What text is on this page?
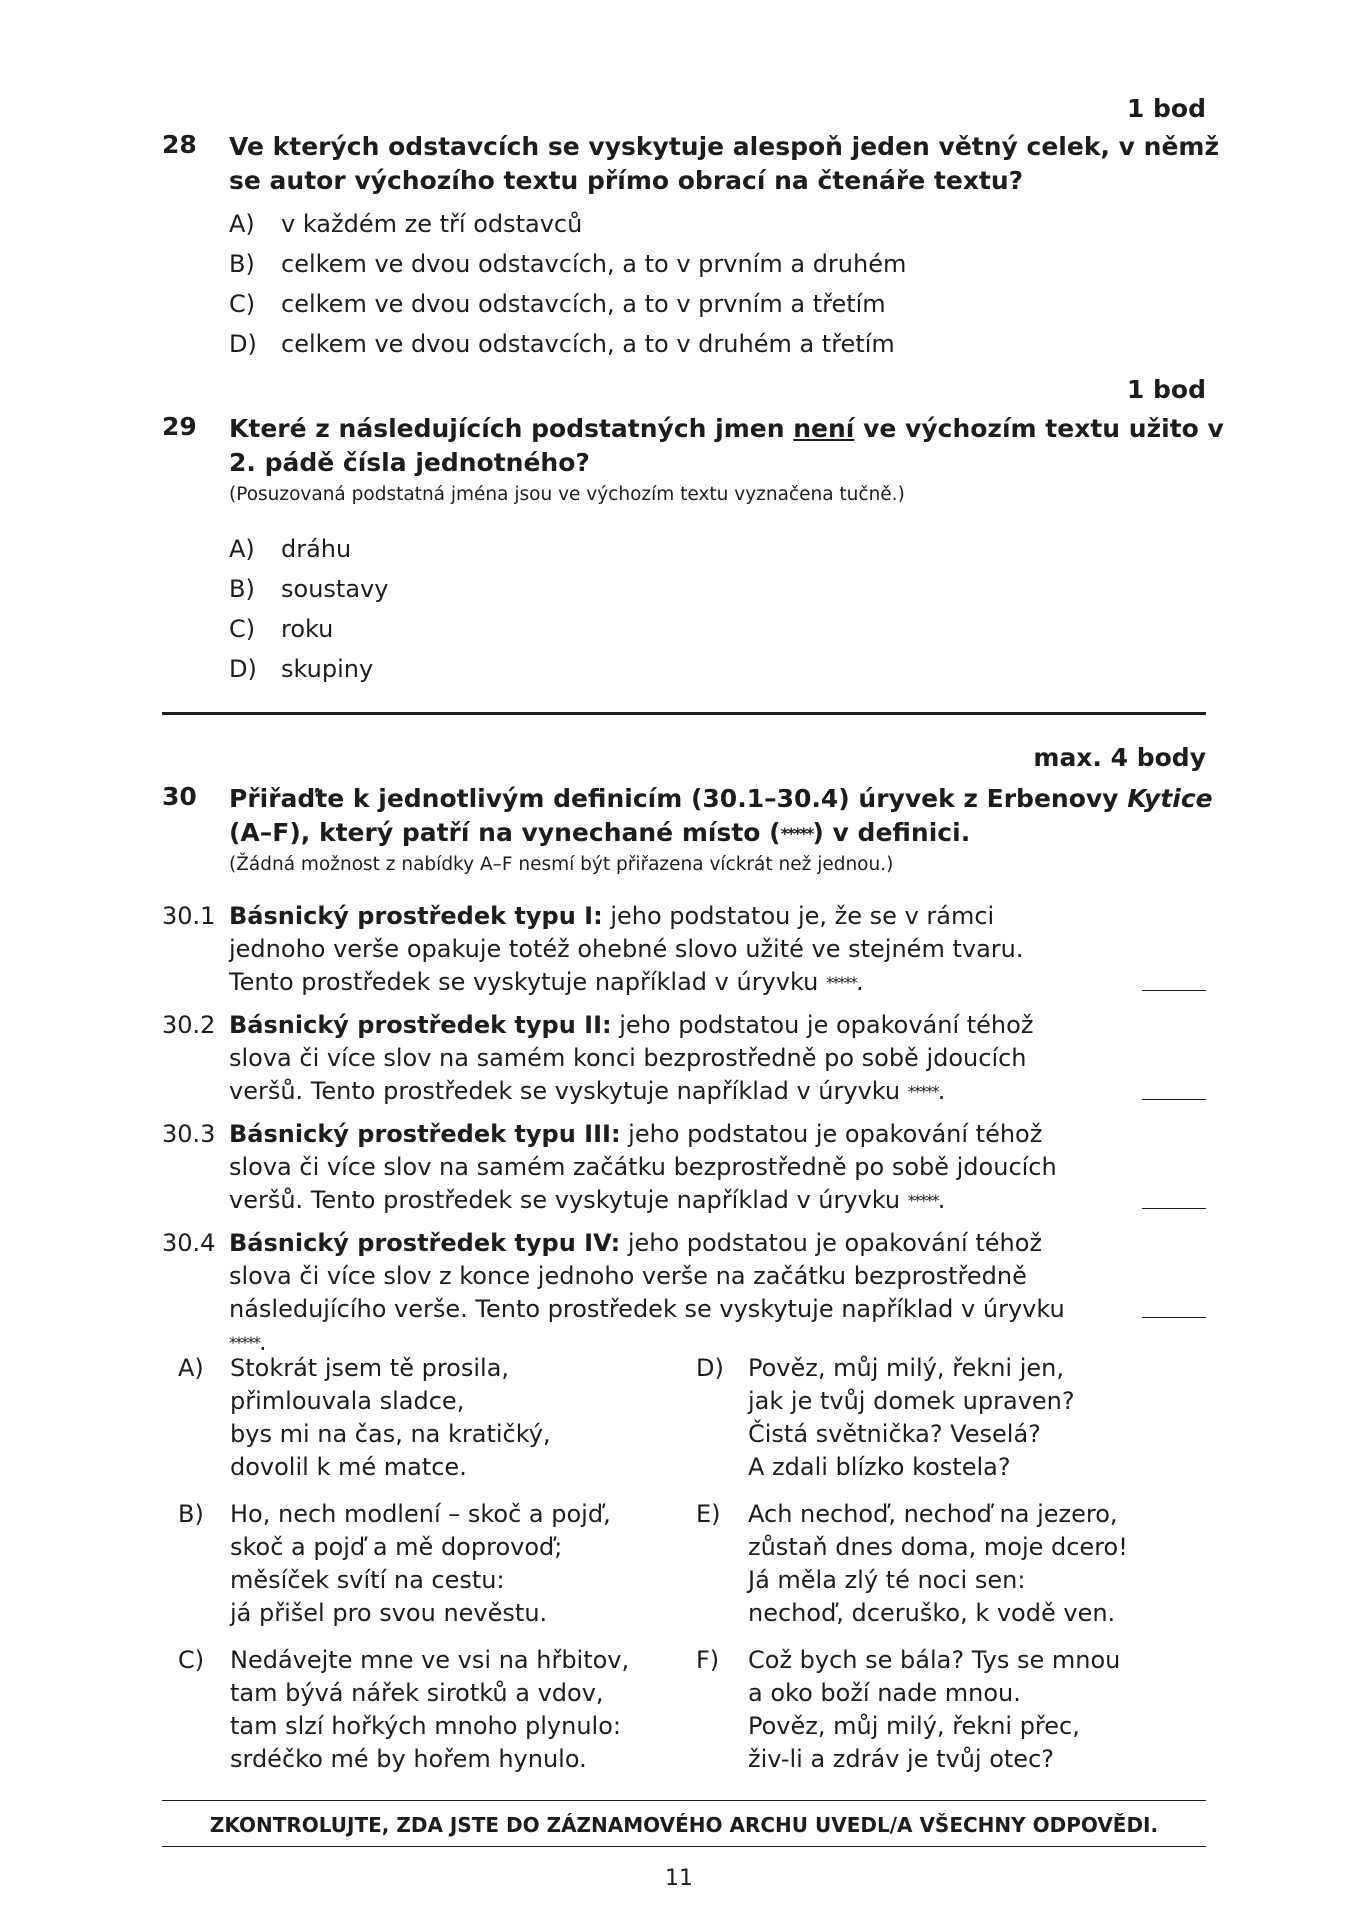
1 bod
28 Ve kterých odstavcích se vyskytuje alespoň jeden větný celek, v němž se autor výchozího textu přímo obrací na čtenáře textu?
A) v každém ze tří odstavců
B) celkem ve dvou odstavcích, a to v prvním a druhém
C) celkem ve dvou odstavcích, a to v prvním a třetím
D) celkem ve dvou odstavcích, a to v druhém a třetím
1 bod
29 Které z následujících podstatných jmen není ve výchozím textu užito v 2. pádě čísla jednotného?
(Posuzovaná podstatná jména jsou ve výchozím textu vyznačena tučně.)
A) dráhu
B) soustavy
C) roku
D) skupiny
max. 4 body
30 Přiřaďte k jednotlivým definicím (30.1–30.4) úryvek z Erbenovy Kytice (A–F), který patří na vynechané místo (*****) v definici.
(Žádná možnost z nabídky A–F nesmí být přiřazena víckrát než jednou.)
30.1 Básnický prostředek typu I: jeho podstatou je, že se v rámci jednoho verše opakuje totéž ohebné slovo užité ve stejném tvaru. Tento prostředek se vyskytuje například v úryvku *****.
30.2 Básnický prostředek typu II: jeho podstatou je opakování téhož slova či více slov na samém konci bezprostředně po sobě jdoucích veršů. Tento prostředek se vyskytuje například v úryvku *****.
30.3 Básnický prostředek typu III: jeho podstatou je opakování téhož slova či více slov na samém začátku bezprostředně po sobě jdoucích veršů. Tento prostředek se vyskytuje například v úryvku *****.
30.4 Básnický prostředek typu IV: jeho podstatou je opakování téhož slova či více slov z konce jednoho verše na začátku bezprostředně následujícího verše. Tento prostředek se vyskytuje například v úryvku *****.
A) Stokrát jsem tě prosila,
přimlouvala sladce,
bys mi na čas, na kratičký,
dovolil k mé matce.
B) Ho, nech modlení – skoč a pojď,
skoč a pojď a mě doprovoď;
měsíček svítí na cestu:
já přišel pro svou nevěstu.
C) Nedávejte mne ve vsi na hřbitov,
tam bývá nářek sirotků a vdov,
tam slzí hořkých mnoho plynulo:
srdéčko mé by hořem hynulo.
D) Pověz, můj milý, řekni jen,
jak je tvůj domek upraven?
Čistá světnička? Veselá?
A zdali blízko kostela?
E) Ach nechoď, nechoď na jezero,
zůstaň dnes doma, moje dcero!
Já měla zlý té noci sen:
nechoď, dceruško, k vodě ven.
F) Což bych se bála? Tys se mnou
a oko boží nade mnou.
Pověz, můj milý, řekni přec,
živ-li a zdráv je tvůj otec?
ZKONTROLUJTE, ZDA JSTE DO ZÁZNAMOVÉHO ARCHU UVEDL/A VŠECHNY ODPOVĚDI.
11
